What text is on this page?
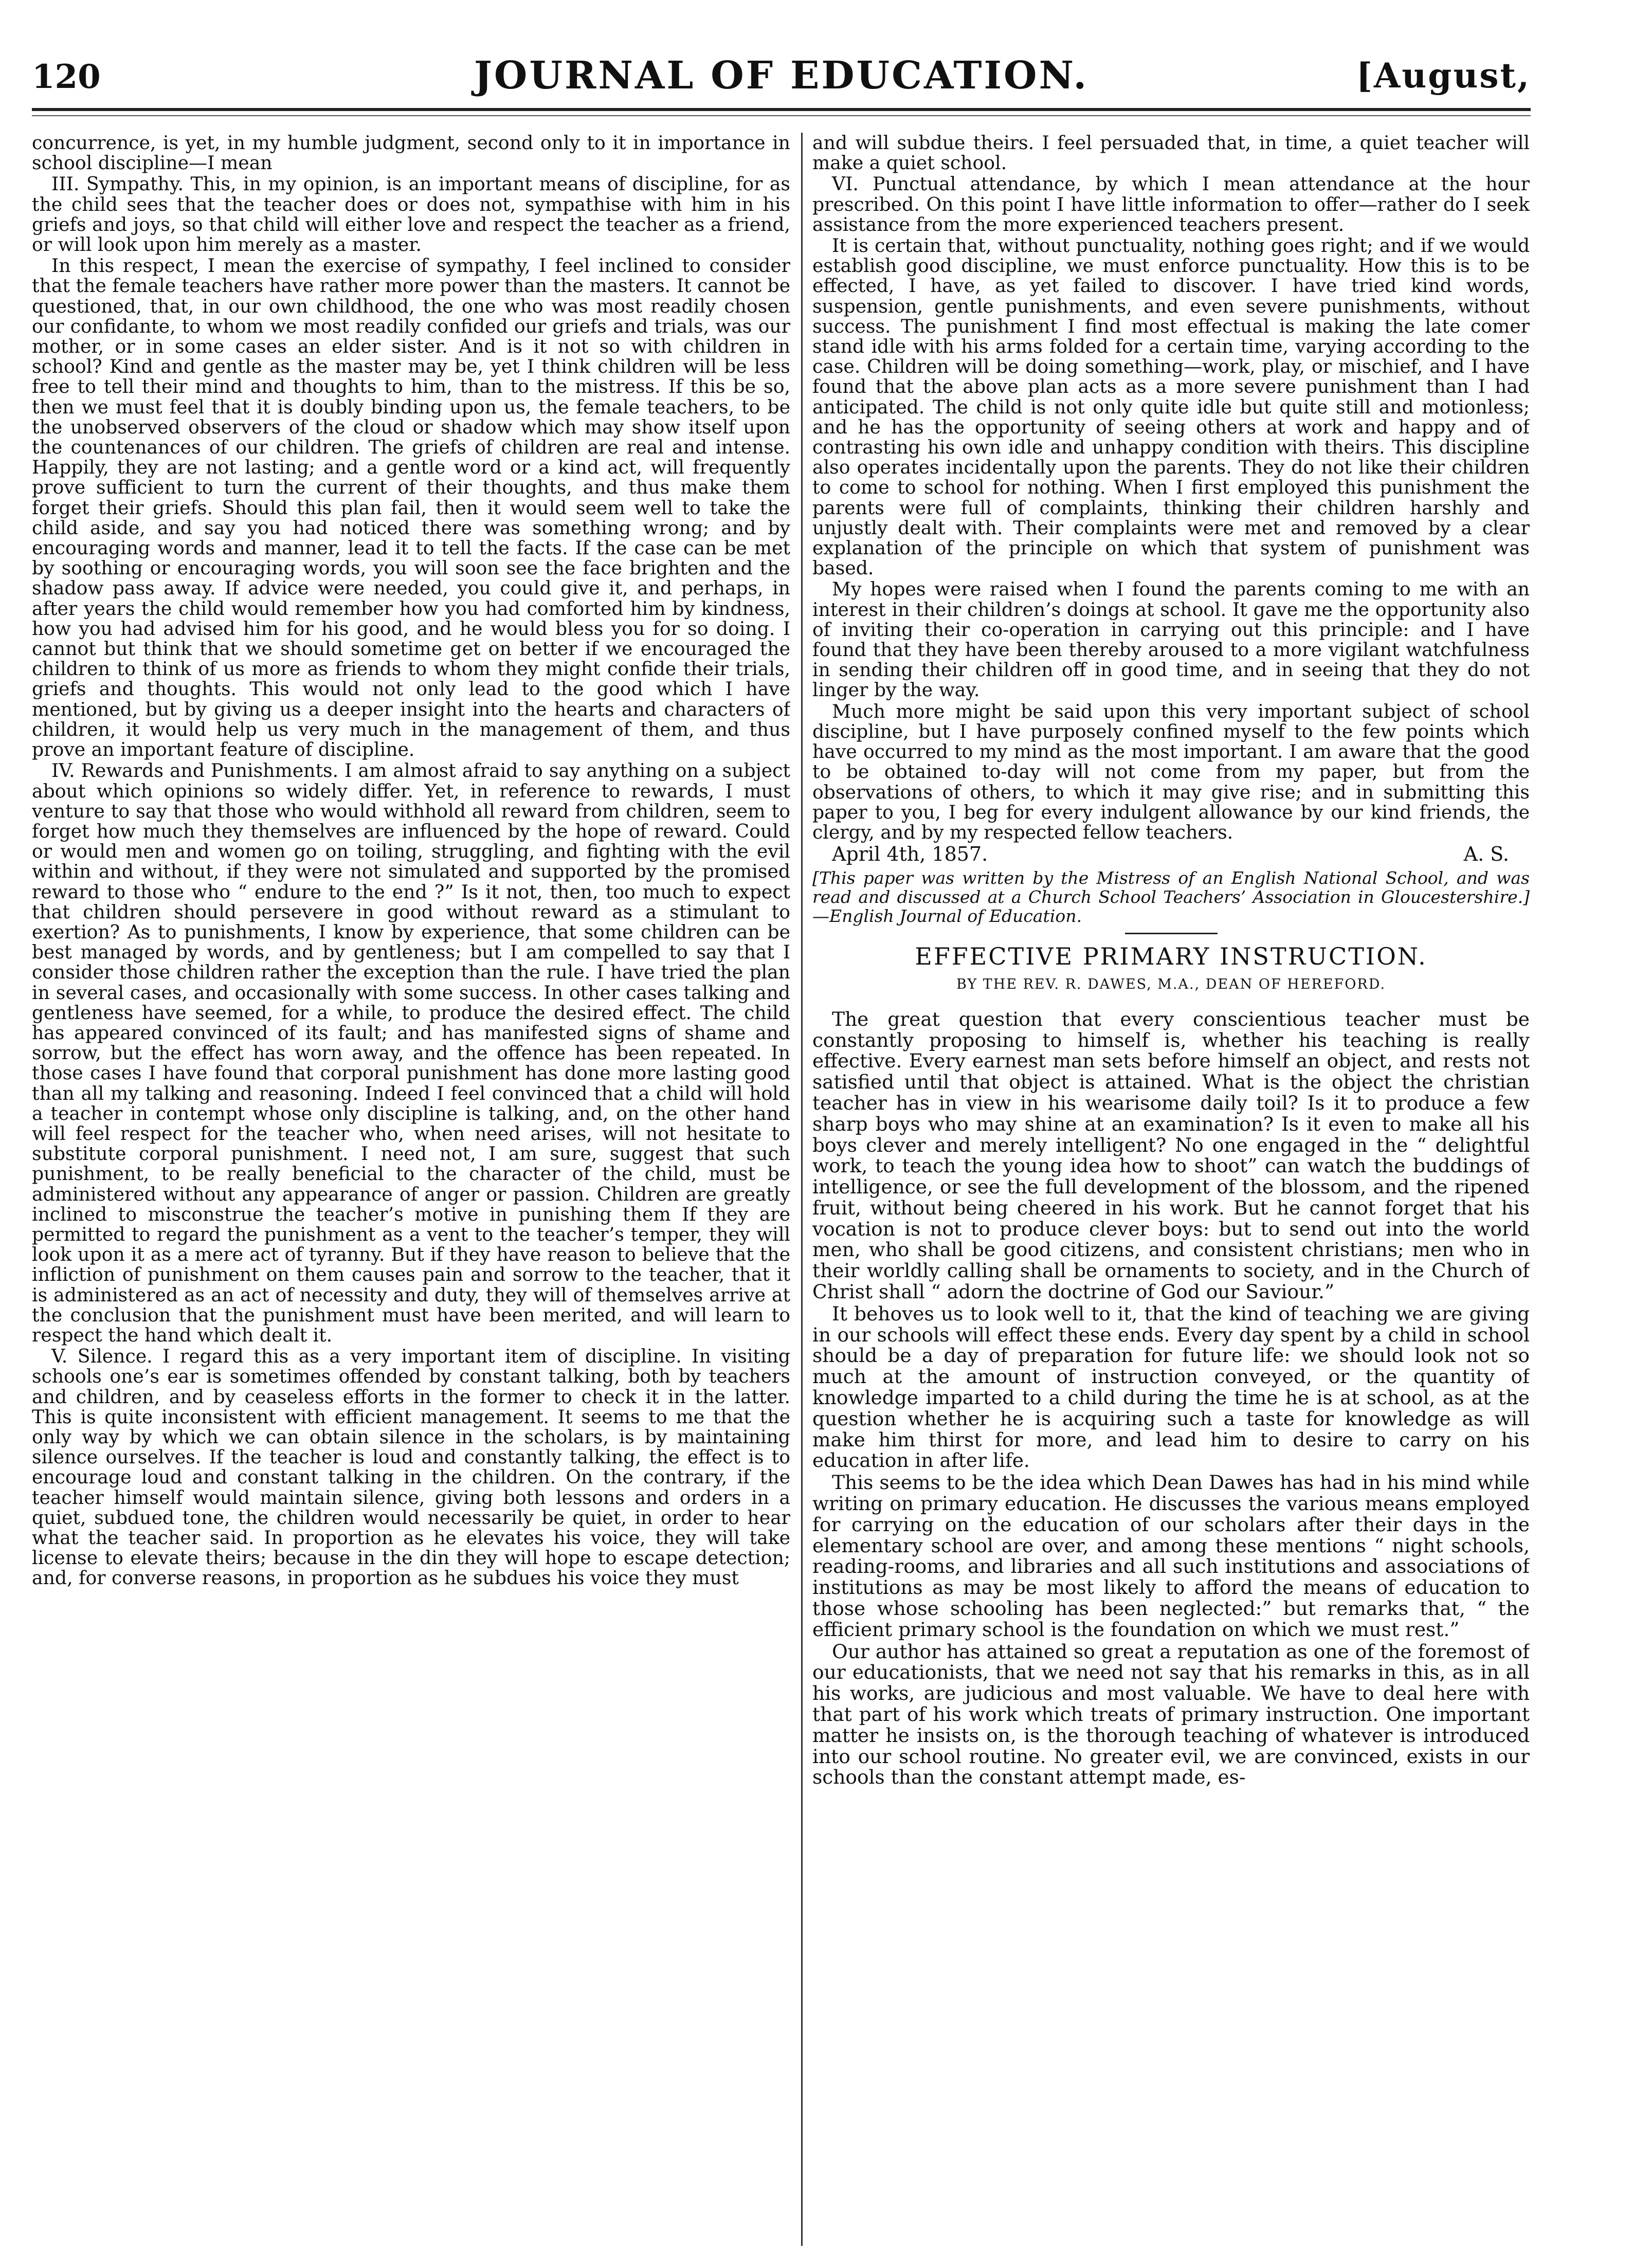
120	JOURNAL OF EDUCATION.	[August,

concurrence, is yet, in my humble judgment, second only to it in importance in school discipline—I mean

III. Sympathy. This, in my opinion, is an important means of discipline, for as the child sees that the teacher does or does not, sympathise with him in his griefs and joys, so that child will either love and respect the teacher as a friend, or will look upon him merely as a master.

In this respect, I mean the exercise of sympathy, I feel inclined to consider that the female teachers have rather more power than the masters. It cannot be questioned, that, in our own childhood, the one who was most readily chosen our confidante, to whom we most readily confided our griefs and trials, was our mother, or in some cases an elder sister. And is it not so with children in school? Kind and gentle as the master may be, yet I think children will be less free to tell their mind and thoughts to him, than to the mistress. If this be so, then we must feel that it is doubly binding upon us, the female teachers, to be the unobserved observers of the cloud or shadow which may show itself upon the countenances of our children. The griefs of children are real and intense. Happily, they are not lasting; and a gentle word or a kind act, will frequently prove sufficient to turn the current of their thoughts, and thus make them forget their griefs. Should this plan fail, then it would seem well to take the child aside, and say you had noticed there was something wrong; and by encouraging words and manner, lead it to tell the facts. If the case can be met by soothing or encouraging words, you will soon see the face brighten and the shadow pass away. If advice were needed, you could give it, and perhaps, in after years the child would remember how you had comforted him by kindness, how you had advised him for his good, and he would bless you for so doing. I cannot but think that we should sometime get on better if we encouraged the children to think of us more as friends to whom they might confide their trials, griefs and thoughts. This would not only lead to the good which I have mentioned, but by giving us a deeper insight into the hearts and characters of children, it would help us very much in the management of them, and thus prove an important feature of discipline.

IV. Rewards and Punishments. I am almost afraid to say anything on a subject about which opinions so widely differ. Yet, in reference to rewards, I must venture to say that those who would withhold all reward from children, seem to forget how much they themselves are influenced by the hope of reward. Could or would men and women go on toiling, struggling, and fighting with the evil within and without, if they were not simulated and supported by the promised reward to those who “ endure to the end ?” Is it not, then, too much to expect that children should persevere in good without reward as a stimulant to exertion? As to punishments, I know by experience, that some children can be best managed by words, and by gentleness; but I am compelled to say that I consider those children rather the exception than the rule. I have tried the plan in several cases, and occasionally with some success. In other cases talking and gentleness have seemed, for a while, to produce the desired effect. The child has appeared convinced of its fault; and has manifested signs of shame and sorrow, but the effect has worn away, and the offence has been repeated. In those cases I have found that corporal punishment has done more lasting good than all my talking and reasoning. Indeed I feel convinced that a child will hold a teacher in contempt whose only discipline is talking, and, on the other hand will feel respect for the teacher who, when need arises, will not hesitate to substitute corporal punishment. I need not, I am sure, suggest that such punishment, to be really beneficial to the character of the child, must be administered without any appearance of anger or passion. Children are greatly inclined to misconstrue the teacher’s motive in punishing them If they are permitted to regard the punishment as a vent to the teacher’s temper, they will look upon it as a mere act of tyranny. But if they have reason to believe that the infliction of punishment on them causes pain and sorrow to the teacher, that it is administered as an act of necessity and duty, they will of themselves arrive at the conclusion that the punishment must have been merited, and will learn to respect the hand which dealt it.

V. Silence. I regard this as a very important item of discipline. In visiting schools one’s ear is sometimes offended by constant talking, both by teachers and children, and by ceaseless efforts in the former to check it in the latter. This is quite inconsistent with efficient management. It seems to me that the only way by which we can obtain silence in the scholars, is by maintaining silence ourselves. If the teacher is loud and constantly talking, the effect is to encourage loud and constant talking in the children. On the contrary, if the teacher himself would maintain silence, giving both lessons and orders in a quiet, subdued tone, the children would necessarily be quiet, in order to hear what the teacher said. In proportion as he elevates his voice, they will take license to elevate theirs; because in the din they will hope to escape detection; and, for converse reasons, in proportion as he subdues his voice they must

and will subdue theirs. I feel persuaded that, in time, a quiet teacher will make a quiet school.

VI. Punctual attendance, by which I mean attendance at the hour prescribed. On this point I have little information to offer—rather do I seek assistance from the more experienced teachers present.

It is certain that, without punctuality, nothing goes right; and if we would establish good discipline, we must enforce punctuality. How this is to be effected, I have, as yet failed to discover. I have tried kind words, suspension, gentle punishments, and even severe punishments, without success. The punishment I find most effectual is making the late comer stand idle with his arms folded for a certain time, varying according to the case. Children will be doing something—work, play, or mischief, and I have found that the above plan acts as a more severe punishment than I had anticipated. The child is not only quite idle but quite still and motionless; and he has the opportunity of seeing others at work and happy and of contrasting his own idle and unhappy condition with theirs. This discipline also operates incidentally upon the parents. They do not like their children to come to school for nothing. When I first employed this punishment the parents were full of complaints, thinking their children harshly and unjustly dealt with. Their complaints were met and removed by a clear explanation of the principle on which that system of punishment was based.

My hopes were raised when I found the parents coming to me with an interest in their children’s doings at school. It gave me the opportunity also of inviting their co-operation in carrying out this principle: and I have found that they have been thereby aroused to a more vigilant watchfulness in sending their children off in good time, and in seeing that they do not linger by the way.

Much more might be said upon this very important subject of school discipline, but I have purposely confined myself to the few points which have occurred to my mind as the most important. I am aware that the good to be obtained to-day will not come from my paper, but from the observations of others, to which it may give rise; and in submitting this paper to you, I beg for every indulgent allowance by our kind friends, the clergy, and by my respected fellow teachers.

April 4th, 1857.	A. S.

[This paper was written by the Mistress of an English National School, and was read and discussed at a Church School Teachers’ Association in Gloucestershire.]—English Journal of Education.

EFFECTIVE PRIMARY INSTRUCTION.
BY THE REV. R. DAWES, M.A., DEAN OF HEREFORD.

The great question that every conscientious teacher must be constantly proposing to himself is, whether his teaching is really effective. Every earnest man sets before himself an object, and rests not satisfied until that object is attained. What is the object the christian teacher has in view in his wearisome daily toil? Is it to produce a few sharp boys who may shine at an examination? Is it even to make all his boys clever and merely intelligent? No one engaged in the “ delightful work, to teach the young idea how to shoot” can watch the buddings of intelligence, or see the full development of the blossom, and the ripened fruit, without being cheered in his work. But he cannot forget that his vocation is not to produce clever boys: but to send out into the world men, who shall be good citizens, and consistent christians; men who in their worldly calling shall be ornaments to society, and in the Church of Christ shall “ adorn the doctrine of God our Saviour.”

It behoves us to look well to it, that the kind of teaching we are giving in our schools will effect these ends. Every day spent by a child in school should be a day of preparation for future life: we should look not so much at the amount of instruction conveyed, or the quantity of knowledge imparted to a child during the time he is at school, as at the question whether he is acquiring such a taste for knowledge as will make him thirst for more, and lead him to desire to carry on his education in after life.

This seems to be the idea which Dean Dawes has had in his mind while writing on primary education. He discusses the various means employed for carrying on the education of our scholars after their days in the elementary school are over, and among these mentions “ night schools, reading-rooms, and libraries and all such institutions and associations of institutions as may be most likely to afford the means of education to those whose schooling has been neglected:” but remarks that, “ the efficient primary school is the foundation on which we must rest.”

Our author has attained so great a reputation as one of the foremost of our educationists, that we need not say that his remarks in this, as in all his works, are judicious and most valuable. We have to deal here with that part of his work which treats of primary instruction. One important matter he insists on, is the thorough teaching of whatever is introduced into our school routine. No greater evil, we are convinced, exists in our schools than the constant attempt made, es-
